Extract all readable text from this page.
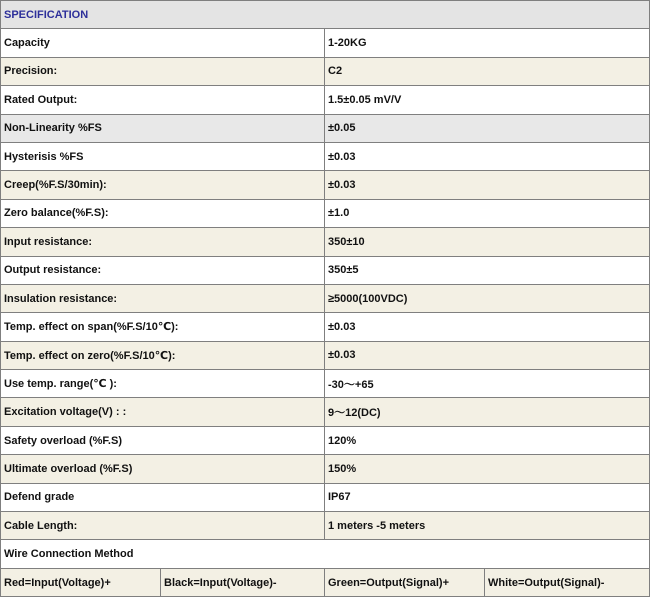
SPECIFICATION			
Capacity		1-20KG	
Precision:		C2	
Rated Output:		1.5±0.05 mV/V	
Non-Linearity %FS		±0.05	
Hysterisis %FS		±0.03	
Creep(%F.S/30min):		±0.03	
Zero balance(%F.S):		±1.0	
Input resistance:		350±10	
Output resistance:		350±5	
Insulation resistance:		≥5000(100VDC)	
Temp. effect on span(%F.S/10℃):		±0.03	
Temp. effect on zero(%F.S/10℃):		±0.03	
Use temp. range(℃ ):		-30～+65	
Excitation voltage(V) : :		9～12(DC)	
Safety overload (%F.S)		120%	
Ultimate overload (%F.S)		150%	
Defend grade		IP67	
Cable Length:		1 meters -5 meters	
Wire Connection Method			
Red=Input(Voltage)+	Black=Input(Voltage)-	Green=Output(Signal)+	White=Output(Signal)-
